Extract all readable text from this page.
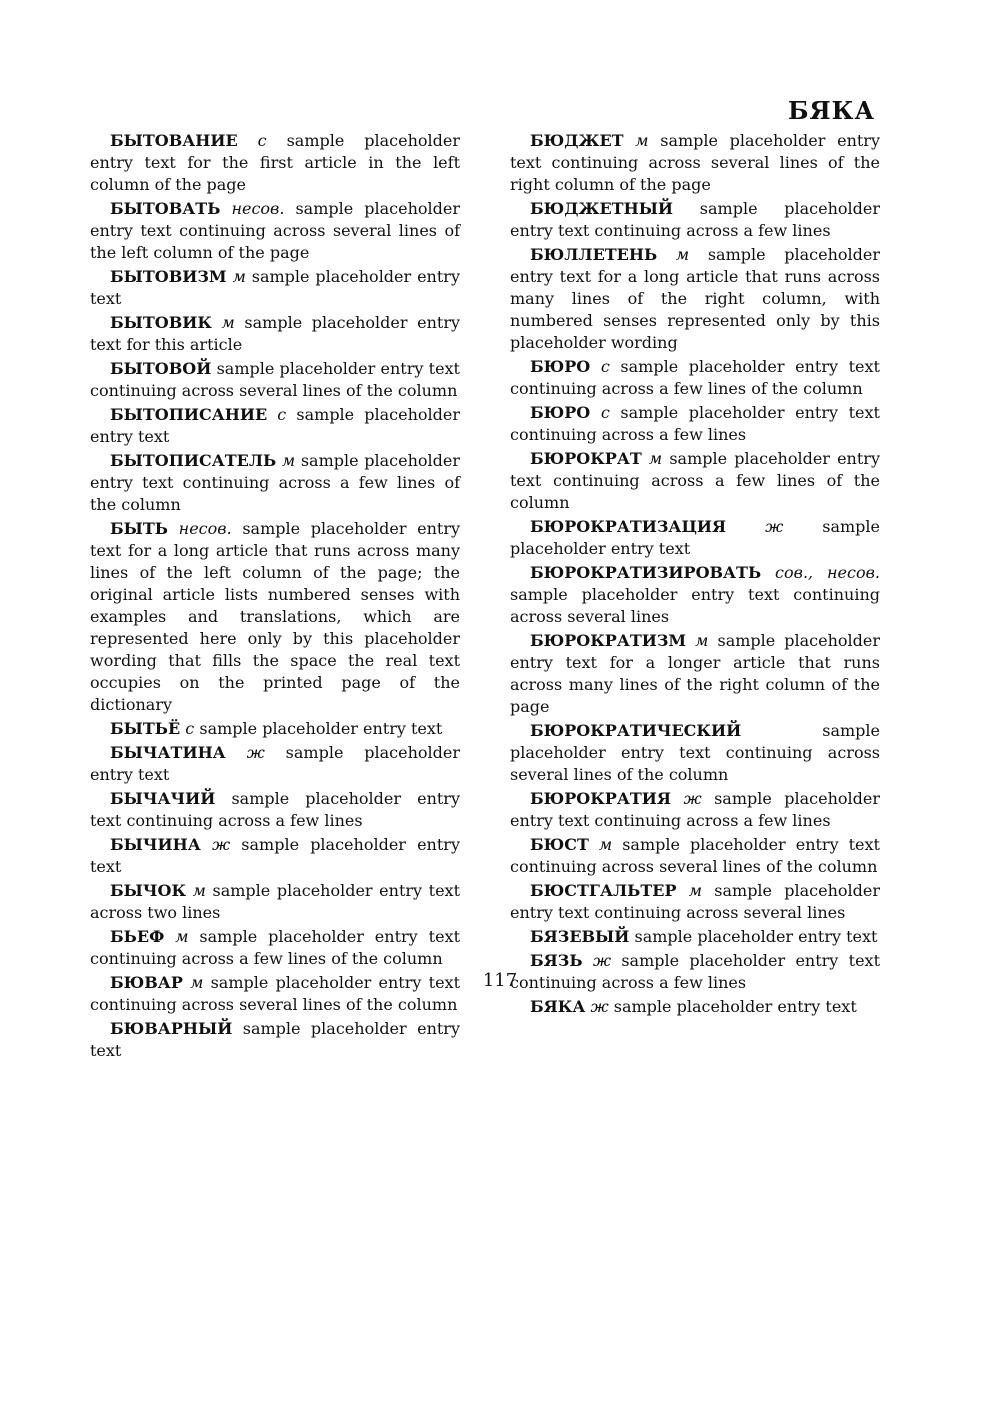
БЯКА

БЫТОВАНИЕ с sample placeholder entry text for the first article in the left column of the page

БЫТОВАТЬ несов. sample placeholder entry text continuing across several lines of the left column of the page

БЫТОВИЗМ м sample placeholder entry text

БЫТОВИК м sample placeholder entry text for this article

БЫТОВОЙ sample placeholder entry text continuing across several lines of the column

БЫТОПИСАНИЕ с sample placeholder entry text

БЫТОПИСАТЕЛЬ м sample placeholder entry text continuing across a few lines of the column

БЫТЬ несов. sample placeholder entry text for a long article that runs across many lines of the left column of the page; the original article lists numbered senses with examples and translations, which are represented here only by this placeholder wording that fills the space the real text occupies on the printed page of the dictionary

БЫТЬЁ с sample placeholder entry text

БЫЧАТИНА ж sample placeholder entry text

БЫЧАЧИЙ sample placeholder entry text continuing across a few lines

БЫЧИНА ж sample placeholder entry text

БЫЧОК м sample placeholder entry text across two lines

БЬЕФ м sample placeholder entry text continuing across a few lines of the column

БЮВАР м sample placeholder entry text continuing across several lines of the column

БЮВАРНЫЙ sample placeholder entry text

БЮДЖЕТ м sample placeholder entry text continuing across several lines of the right column of the page

БЮДЖЕТНЫЙ sample placeholder entry text continuing across a few lines

БЮЛЛЕТЕНЬ м sample placeholder entry text for a long article that runs across many lines of the right column, with numbered senses represented only by this placeholder wording

БЮРО с sample placeholder entry text continuing across a few lines of the column

БЮРО с sample placeholder entry text continuing across a few lines

БЮРОКРАТ м sample placeholder entry text continuing across a few lines of the column

БЮРОКРАТИЗАЦИЯ ж sample placeholder entry text

БЮРОКРАТИЗИРОВАТЬ сов., несов. sample placeholder entry text continuing across several lines

БЮРОКРАТИЗМ м sample placeholder entry text for a longer article that runs across many lines of the right column of the page

БЮРОКРАТИЧЕСКИЙ	sample placeholder entry text continuing across several lines of the column

БЮРОКРАТИЯ ж sample placeholder entry text continuing across a few lines

БЮСТ м sample placeholder entry text continuing across several lines of the column

БЮСТГАЛЬТЕР м sample placeholder entry text continuing across several lines

БЯЗЕВЫЙ sample placeholder entry text

БЯЗЬ ж sample placeholder entry text continuing across a few lines

БЯКА ж sample placeholder entry text

117
